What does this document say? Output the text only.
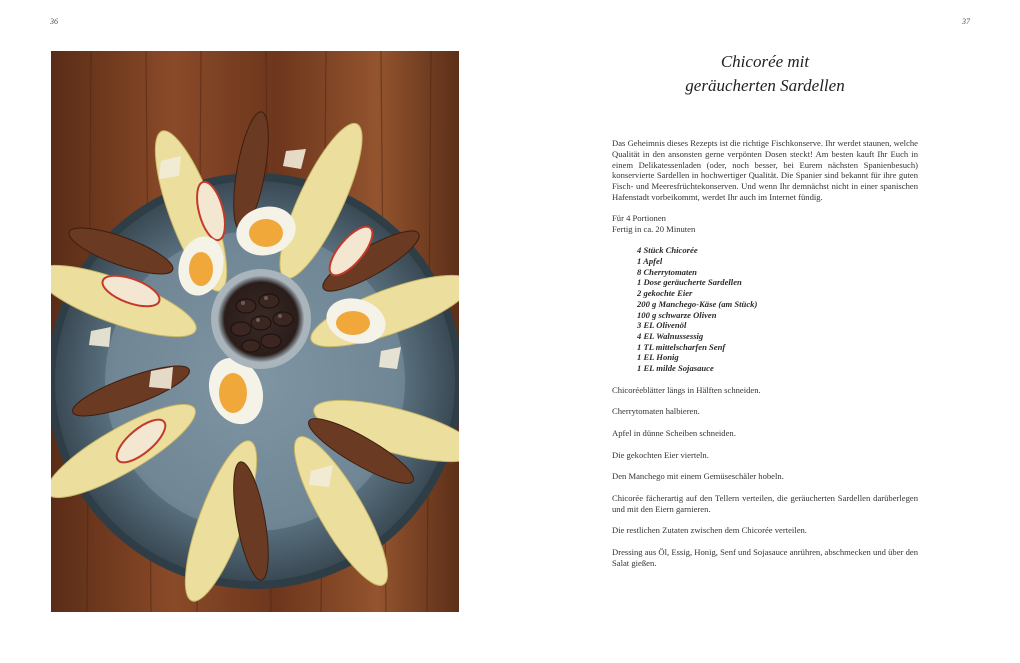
36	37
Chicorée mit
geräucherten Sardellen

Das Geheimnis dieses Rezepts ist die richtige Fischkonserve. Ihr werdet staunen, welche Qualität in den ansonsten gerne verpönten Dosen steckt! Am besten kauft Ihr Euch in einem Delikatessenladen (oder, noch besser, bei Eurem nächsten Spanienbesuch) konservierte Sardellen in hochwertiger Qualität. Die Spanier sind bekannt für ihre guten Fisch- und Meeresfrüchtekonserven. Und wenn Ihr demnächst nicht in einer spanischen Hafenstadt vorbeikommt, werdet Ihr auch im Internet fündig.

Für 4 Portionen
Fertig in ca. 20 Minuten

4 Stück Chicorée
1 Apfel
8 Cherrytomaten
1 Dose geräucherte Sardellen
2 gekochte Eier
200 g Manchego-Käse (am Stück)
100 g schwarze Oliven
3 EL Olivenöl
4 EL Walnussessig
1 TL mittelscharfen Senf
1 EL Honig
1 EL milde Sojasauce
Chicoréeblätter längs in Hälften schneiden.
Cherrytomaten halbieren.
Apfel in dünne Scheiben schneiden.
Die gekochten Eier vierteln.
Den Manchego mit einem Gemüseschäler hobeln.
Chicorée fächerartig auf den Tellern verteilen, die geräucherten Sardellen darüberlegen und mit den Eiern garnieren.
Die restlichen Zutaten zwischen dem Chicorée verteilen.
Dressing aus Öl, Essig, Honig, Senf und Sojasauce anrühren, abschmecken und über den Salat gießen.
